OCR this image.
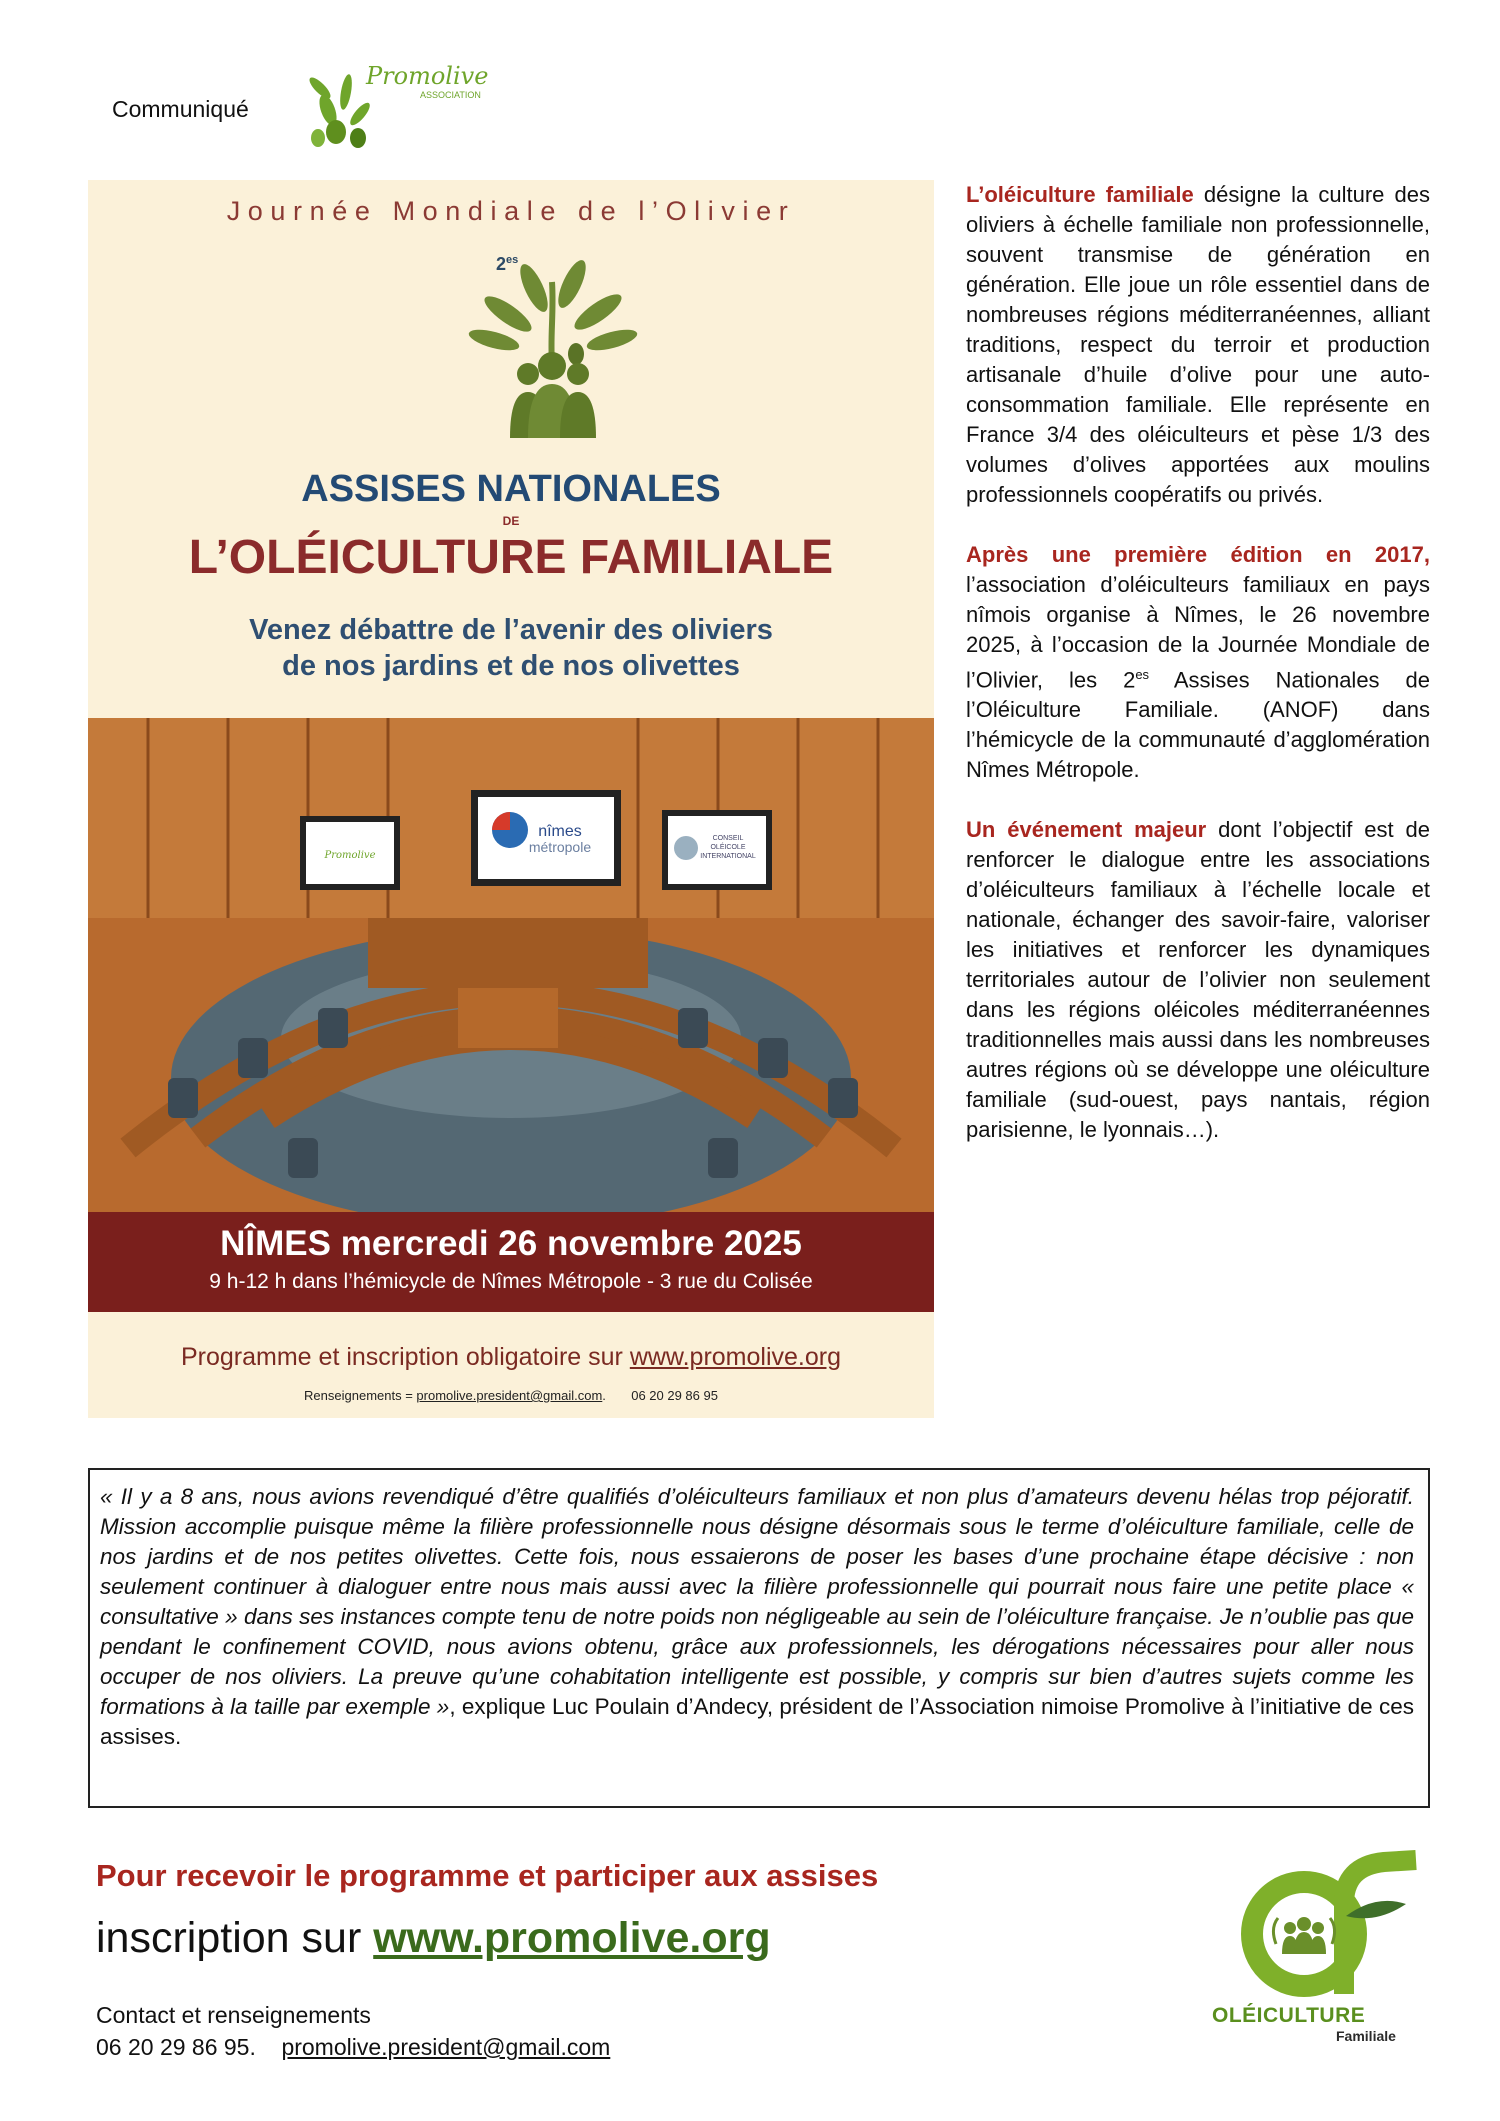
Communiqué
Promolive
ASSOCIATION
Journée Mondiale de l’Olivier
$2^{es}$
ASSISES NATIONALES
DE
L’OLÉICULTURE FAMILIALE
Venez débattre de l’avenir des oliviers
de nos jardins et de nos olivettes
Promolive
nîmes
métropole
CONSEIL
OLÉICOLE
INTERNATIONAL
NÎMES mercredi 26 novembre 2025
9 h-12 h dans l’hémicycle de Nîmes Métropole - 3 rue du Colisée
Programme et inscription obligatoire sur www.promolive.org
Renseignements = promolive.president@gmail.com. 06 20 29 86 95

L’oléiculture familiale désigne la culture des oliviers à échelle familiale non professionnelle, souvent transmise de génération en génération. Elle joue un rôle essentiel dans de nombreuses régions méditerranéennes, alliant traditions, respect du terroir et production artisanale d’huile d’olive pour une auto-consommation familiale. Elle représente en France 3/4 des oléiculteurs et pèse 1/3 des volumes d’olives apportées aux moulins professionnels coopératifs ou privés.

Après une première édition en 2017, l’association d’oléiculteurs familiaux en pays nîmois organise à Nîmes, le 26 novembre 2025, à l’occasion de la Journée Mondiale de l’Olivier, les $2^{es}$ Assises Nationales de l’Oléiculture Familiale. (ANOF) dans l’hémicycle de la communauté d’agglomération Nîmes Métropole.

Un événement majeur dont l’objectif est de renforcer le dialogue entre les associations d’oléiculteurs familiaux à l’échelle locale et nationale, échanger des savoir-faire, valoriser les initiatives et renforcer les dynamiques territoriales autour de l’olivier non seulement dans les régions oléicoles méditerranéennes traditionnelles mais aussi dans les nombreuses autres régions où se développe une oléiculture familiale (sud-ouest, pays nantais, région parisienne, le lyonnais…).

« Il y a 8 ans, nous avions revendiqué d’être qualifiés d’oléiculteurs familiaux et non plus d’amateurs devenu hélas trop péjoratif. Mission accomplie puisque même la filière professionnelle nous désigne désormais sous le terme d’oléiculture familiale, celle de nos jardins et de nos petites olivettes. Cette fois, nous essaierons de poser les bases d’une prochaine étape décisive : non seulement continuer à dialoguer entre nous mais aussi avec la filière professionnelle qui pourrait nous faire une petite place « consultative » dans ses instances compte tenu de notre poids non négligeable au sein de l’oléiculture française. Je n’oublie pas que pendant le confinement COVID, nous avions obtenu, grâce aux professionnels, les dérogations nécessaires pour aller nous occuper de nos oliviers. La preuve qu’une cohabitation intelligente est possible, y compris sur bien d’autres sujets comme les formations à la taille par exemple », explique Luc Poulain d’Andecy, président de l’Association nimoise Promolive à l’initiative de ces assises.
Pour recevoir le programme et participer aux assises
inscription sur www.promolive.org
Contact et renseignements
06 20 29 86 95. promolive.president@gmail.com
OLÉICULTURE
Familiale
